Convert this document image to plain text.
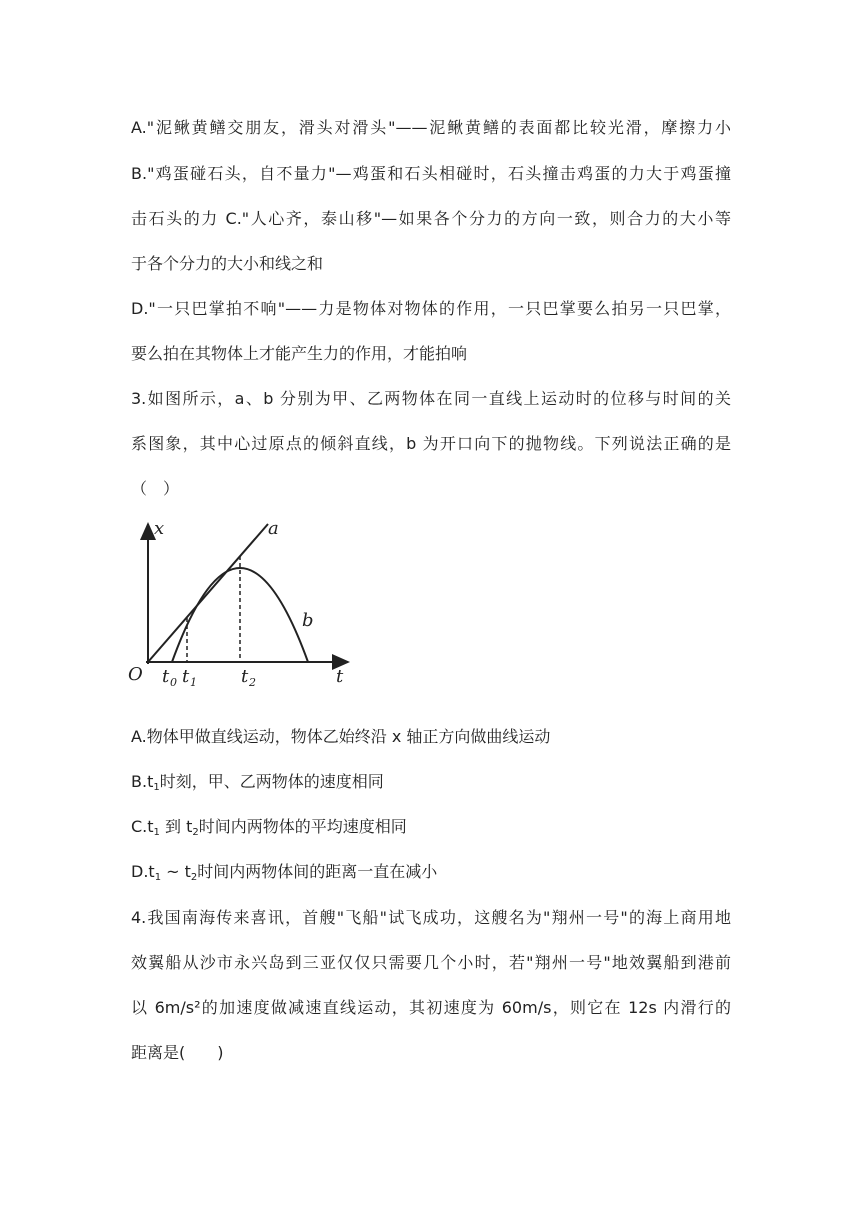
A."泥鳅黄鳝交朋友，滑头对滑头"——泥鳅黄鳝的表面都比较光滑，摩擦力小
B."鸡蛋碰石头，自不量力"—鸡蛋和石头相碰时，石头撞击鸡蛋的力大于鸡蛋撞
击石头的力 C."人心齐，泰山移"—如果各个分力的方向一致，则合力的大小等
于各个分力的大小和线之和
D."一只巴掌拍不响"——力是物体对物体的作用，一只巴掌要么拍另一只巴掌，
要么拍在其物体上才能产生力的作用，才能拍响
3.如图所示，a、b 分别为甲、乙两物体在同一直线上运动时的位移与时间的关
系图象，其中心过原点的倾斜直线，b 为开口向下的抛物线。下列说法正确的是
（　）
x	a
b
O	t
t 0 t 1 t 2
A.物体甲做直线运动，物体乙始终沿 x 轴正方向做曲线运动
$B.t_1$时刻，甲、乙两物体的速度相同
$C.t_1$ 到 $t_2$时间内两物体的平均速度相同
$D.t_1$ ~ $t_2$时间内两物体间的距离一直在减小
4.我国南海传来喜讯，首艘"飞船"试飞成功，这艘名为"翔州一号"的海上商用地
效翼船从沙市永兴岛到三亚仅仅只需要几个小时，若"翔州一号"地效翼船到港前
以 6m/s²的加速度做减速直线运动，其初速度为 60m/s，则它在 12s 内滑行的
距离是(　　)
